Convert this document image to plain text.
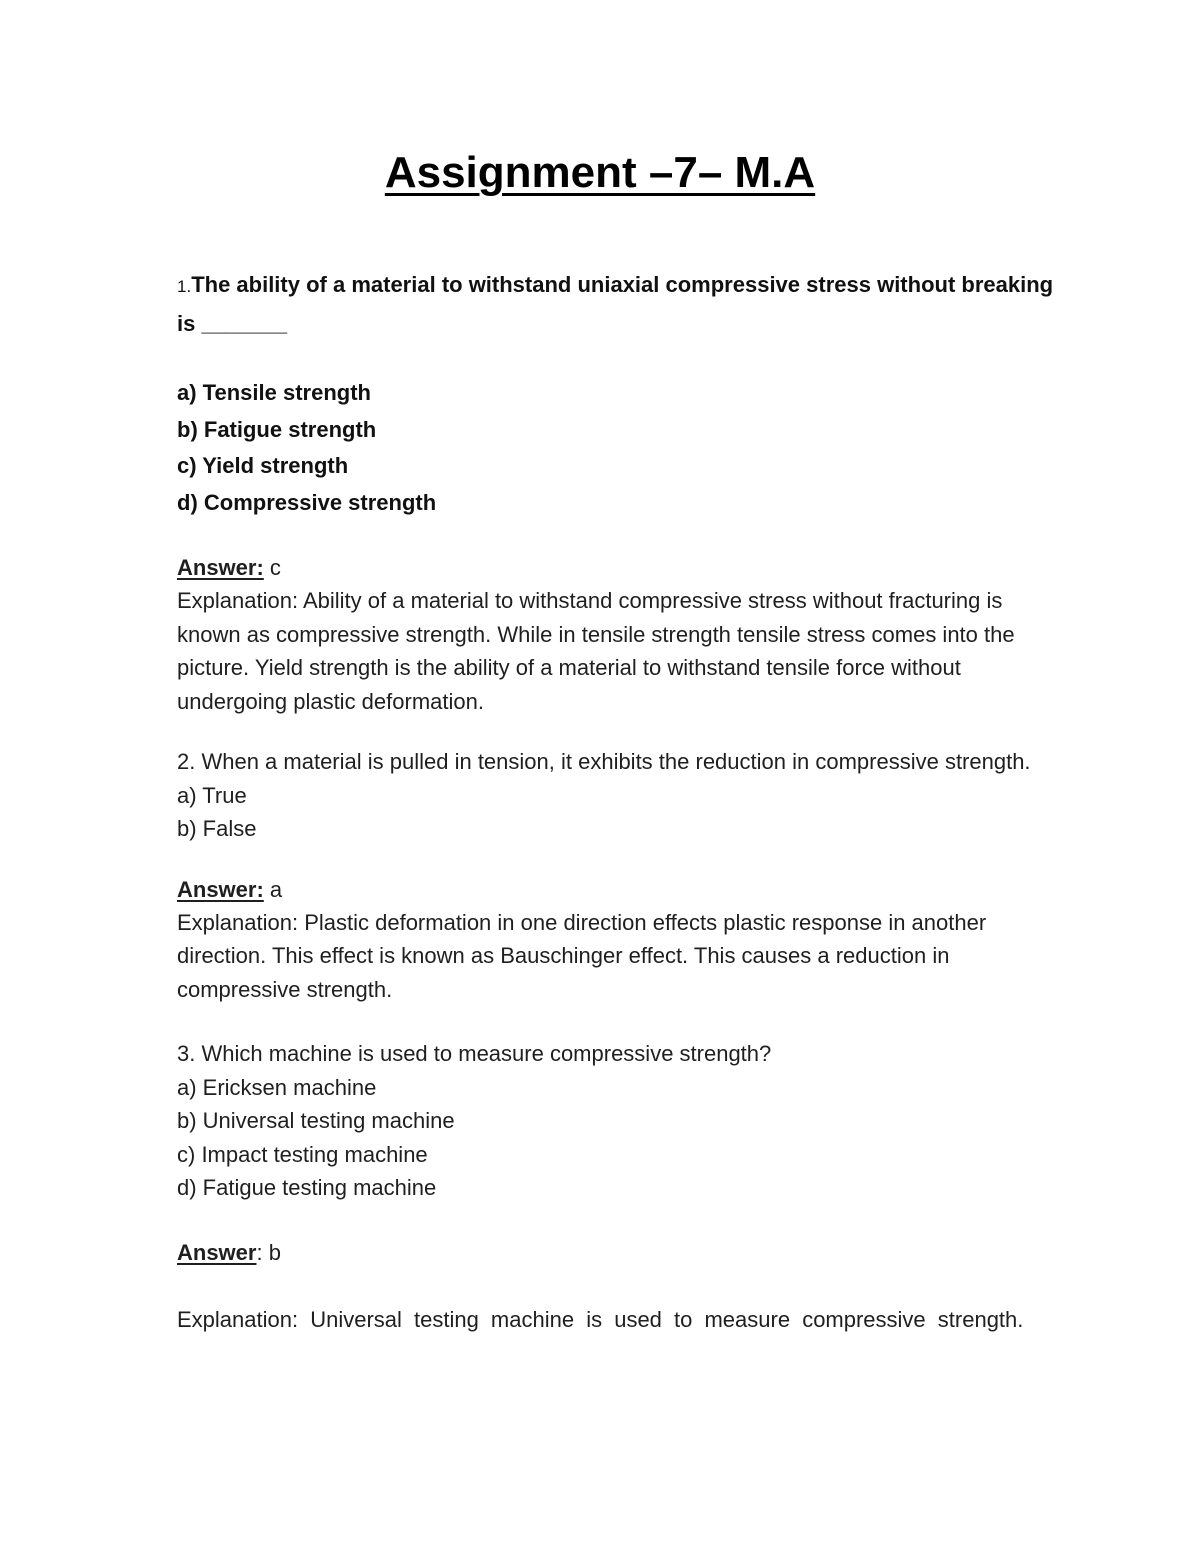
Assignment –7– M.A

1.The ability of a material to withstand uniaxial compressive stress without breaking is _______

a) Tensile strength
b) Fatigue strength
c) Yield strength
d) Compressive strength

Answer: c

Explanation: Ability of a material to withstand compressive stress without fracturing is known as compressive strength. While in tensile strength tensile stress comes into the picture. Yield strength is the ability of a material to withstand tensile force without undergoing plastic deformation.

2. When a material is pulled in tension, it exhibits the reduction in compressive strength.

a) True
b) False

Answer: a

Explanation: Plastic deformation in one direction effects plastic response in another direction. This effect is known as Bauschinger effect. This causes a reduction in compressive strength.

3. Which machine is used to measure compressive strength?

a) Ericksen machine
b) Universal testing machine
c) Impact testing machine
d) Fatigue testing machine

Answer: b

Explanation: Universal testing machine is used to measure compressive strength.
